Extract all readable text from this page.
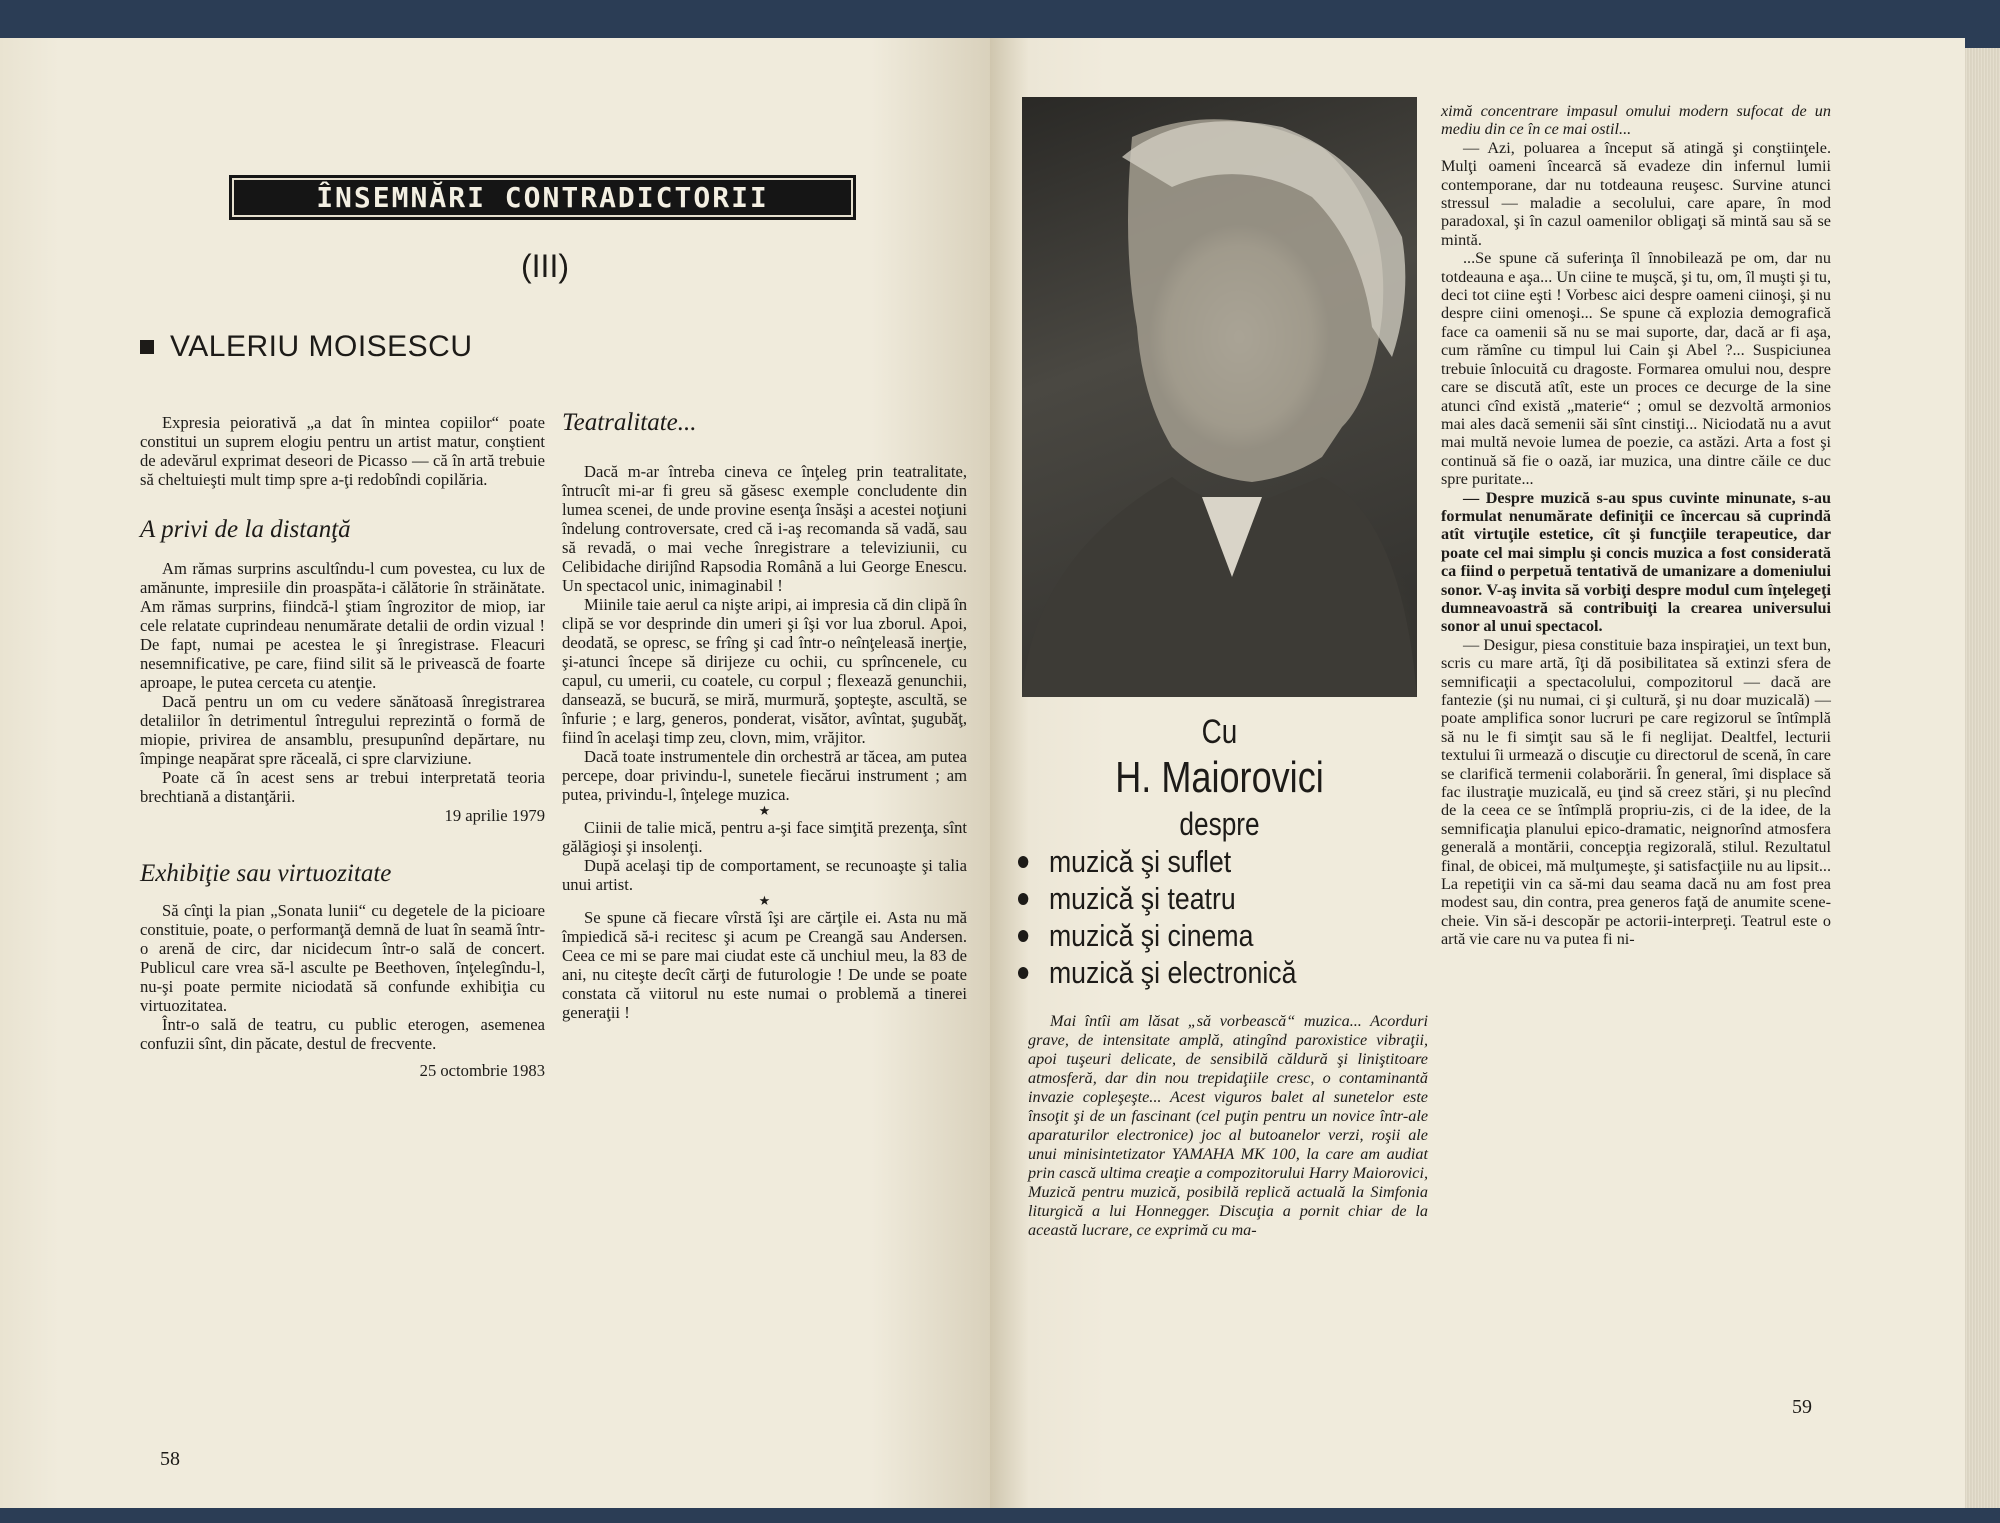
ÎNSEMNĂRI CONTRADICTORII
(III)
VALERIU MOISESCU

Expresia peiorativă „a dat în mintea copiilor“ poate constitui un suprem elogiu pentru un artist matur, conştient de adevărul exprimat deseori de Picasso — că în artă trebuie să cheltuieşti mult timp spre a-ţi redobîndi copilăria.

A privi de la distanţă

Am rămas surprins ascultîndu-l cum povestea, cu lux de amănunte, impresiile din proaspăta-i călătorie în străinătate. Am rămas surprins, fiindcă-l ştiam îngrozitor de miop, iar cele relatate cuprindeau nenumărate detalii de ordin vizual ! De fapt, numai pe acestea le şi înregistrase. Fleacuri nesemnificative, pe care, fiind silit să le privească de foarte aproape, le putea cerceta cu atenţie.

Dacă pentru un om cu vedere sănătoasă înregistrarea detaliilor în detrimentul întregului reprezintă o formă de miopie, privirea de ansamblu, presupunînd depărtare, nu împinge neapărat spre răceală, ci spre clarviziune.

Poate că în acest sens ar trebui interpretată teoria brechtiană a distanţării.

19 aprilie 1979

Exhibiţie sau virtuozitate

Să cînţi la pian „Sonata lunii“ cu degetele de la picioare constituie, poate, o performanţă demnă de luat în seamă într-o arenă de circ, dar nicidecum într-o sală de concert. Publicul care vrea să-l asculte pe Beethoven, înţelegîndu-l, nu-şi poate permite niciodată să confunde exhibiţia cu virtuozitatea.

Într-o sală de teatru, cu public eterogen, asemenea confuzii sînt, din păcate, destul de frecvente.

25 octombrie 1983

Teatralitate...

Dacă m-ar întreba cineva ce înţeleg prin teatralitate, întrucît mi-ar fi greu să găsesc exemple concludente din lumea scenei, de unde provine esenţa însăşi a acestei noţiuni îndelung controversate, cred că i-aş recomanda să vadă, sau să revadă, o mai veche înregistrare a televiziunii, cu Celibidache dirijînd Rapsodia Română a lui George Enescu. Un spectacol unic, inimaginabil !

Miinile taie aerul ca nişte aripi, ai impresia că din clipă în clipă se vor desprinde din umeri şi îşi vor lua zborul. Apoi, deodată, se opresc, se frîng şi cad într-o neînţeleasă inerţie, şi-atunci începe să dirijeze cu ochii, cu sprîncenele, cu capul, cu umerii, cu coatele, cu corpul ; flexează genunchii, dansează, se bucură, se miră, murmură, şopteşte, ascultă, se înfurie ; e larg, generos, ponderat, visător, avîntat, şugubăţ, fiind în acelaşi timp zeu, clovn, mim, vrăjitor.

Dacă toate instrumentele din orchestră ar tăcea, am putea percepe, doar privindu-l, sunetele fiecărui instrument ; am putea, privindu-l, înţelege muzica.

★

Ciinii de talie mică, pentru a-şi face simţită prezenţa, sînt gălăgioşi şi insolenţi.

După acelaşi tip de comportament, se recunoaşte şi talia unui artist.

★

Se spune că fiecare vîrstă îşi are cărţile ei. Asta nu mă împiedică să-i recitesc şi acum pe Creangă sau Andersen. Ceea ce mi se pare mai ciudat este că unchiul meu, la 83 de ani, nu citeşte decît cărţi de futurologie ! De unde se poate constata că viitorul nu este numai o problemă a tinerei generaţii !

58
59
Cu
H. Maiorovici
despre
muzică şi suflet
muzică şi teatru
muzică şi cinema
muzică şi electronică

Mai întîi am lăsat „să vorbească“ muzica... Acorduri grave, de intensitate amplă, atingînd paroxistice vibraţii, apoi tuşeuri delicate, de sensibilă căldură şi liniştitoare atmosferă, dar din nou trepidaţiile cresc, o contaminantă invazie copleşeşte... Acest viguros balet al sunetelor este însoţit şi de un fascinant (cel puţin pentru un novice într-ale aparaturilor electronice) joc al butoanelor verzi, roşii ale unui minisintetizator YAMAHA MK 100, la care am audiat prin cască ultima creaţie a compozitorului Harry Maiorovici, Muzică pentru muzică, posibilă replică actuală la Simfonia liturgică a lui Honnegger. Discuţia a pornit chiar de la această lucrare, ce exprimă cu ma-

ximă concentrare impasul omului modern sufocat de un mediu din ce în ce mai ostil...

— Azi, poluarea a început să atingă şi conştiinţele. Mulţi oameni încearcă să evadeze din infernul lumii contemporane, dar nu totdeauna reuşesc. Survine atunci stressul — maladie a secolului, care apare, în mod paradoxal, şi în cazul oamenilor obligaţi să mintă sau să se mintă.

...Se spune că suferinţa îl înnobilează pe om, dar nu totdeauna e aşa... Un ciine te muşcă, şi tu, om, îl muşti şi tu, deci tot ciine eşti ! Vorbesc aici despre oameni ciinoşi, şi nu despre ciini omenoşi... Se spune că explozia demografică face ca oamenii să nu se mai suporte, dar, dacă ar fi aşa, cum rămîne cu timpul lui Cain şi Abel ?... Suspiciunea trebuie înlocuită cu dragoste. Formarea omului nou, despre care se discută atît, este un proces ce decurge de la sine atunci cînd există „materie“ ; omul se dezvoltă armonios mai ales dacă semenii săi sînt cinstiţi... Niciodată nu a avut mai multă nevoie lumea de poezie, ca astăzi. Arta a fost şi continuă să fie o oază, iar muzica, una dintre căile ce duc spre puritate...

— Despre muzică s-au spus cuvinte minunate, s-au formulat nenumărate definiţii ce încercau să cuprindă atît virtuţile estetice, cît şi funcţiile terapeutice, dar poate cel mai simplu şi concis muzica a fost considerată ca fiind o perpetuă tentativă de umanizare a domeniului sonor. V-aş invita să vorbiţi despre modul cum înţelegeţi dumneavoastră să contribuiţi la crearea universului sonor al unui spectacol.

— Desigur, piesa constituie baza inspiraţiei, un text bun, scris cu mare artă, îţi dă posibilitatea să extinzi sfera de semnificaţii a spectacolului, compozitorul — dacă are fantezie (şi nu numai, ci şi cultură, şi nu doar muzicală) — poate amplifica sonor lucruri pe care regizorul se întîmplă să nu le fi simţit sau să le fi neglijat. Dealtfel, lecturii textului îi urmează o discuţie cu directorul de scenă, în care se clarifică termenii colaborării. În general, îmi displace să fac ilustraţie muzicală, eu ţind să creez stări, şi nu plecînd de la ceea ce se întîmplă propriu-zis, ci de la idee, de la semnificaţia planului epico-dramatic, neignorînd atmosfera generală a montării, concepţia regizorală, stilul. Rezultatul final, de obicei, mă mulţumeşte, şi satisfacţiile nu au lipsit... La repetiţii vin ca să-mi dau seama dacă nu am fost prea modest sau, din contra, prea generos faţă de anumite scene-cheie. Vin să-i descopăr pe actorii-interpreţi. Teatrul este o artă vie care nu va putea fi ni-
